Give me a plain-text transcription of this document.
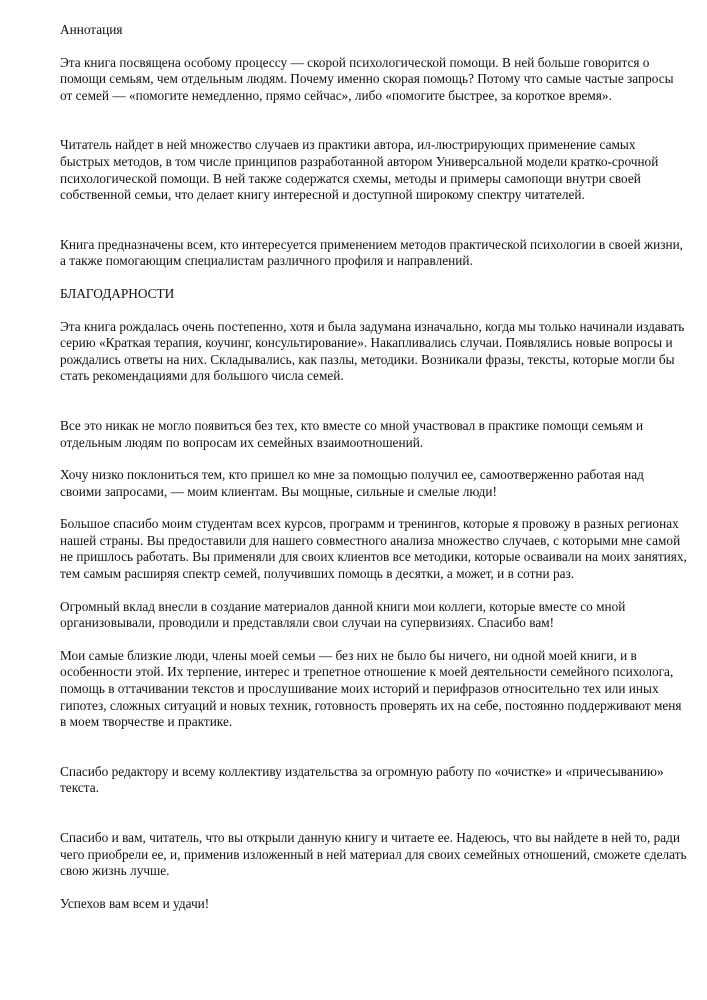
Аннотация

Эта книга посвящена особому процессу — скорой психологической помощи. В ней больше говорится о помощи семьям, чем отдельным людям. Почему именно скорая помощь? Потому что самые частые запросы от семей — «помогите немедленно, прямо сейчас», либо «помогите быстрее, за короткое время».

Читатель найдет в ней множество случаев из практики автора, ил-люстрирующих применение самых быстрых методов, в том числе принципов разработанной автором Универсальной модели кратко-срочной психологической помощи. В ней также содержатся схемы, методы и примеры самопощи внутри своей собственной семьи, что делает книгу интересной и доступной широкому спектру читателей.

Книга предназначены всем, кто интересуется применением методов практической психологии в своей жизни, а также помогающим специалистам различного профиля и направлений.

БЛАГОДАРНОСТИ

Эта книга рождалась очень постепенно, хотя и была задумана изначально, когда мы только начинали издавать серию «Краткая терапия, коучинг, консультирование». Накапливались случаи. Появлялись новые вопросы и рождались ответы на них. Складывались, как пазлы, методики. Возникали фразы, тексты, которые могли бы стать рекомендациями для большого числа семей.

Все это никак не могло появиться без тех, кто вместе со мной участвовал в практике помощи семьям и отдельным людям по вопросам их семейных взаимоотношений.

Хочу низко поклониться тем, кто пришел ко мне за помощью получил ее, самоотверженно работая над своими запросами, — моим клиентам. Вы мощные, сильные и смелые люди!

Большое спасибо моим студентам всех курсов, программ и тренингов, которые я провожу в разных регионах нашей страны. Вы предоставили для нашего совместного анализа множество случаев, с которыми мне самой не пришлось работать. Вы применяли для своих клиентов все методики, которые осваивали на моих занятиях, тем самым расширяя спектр семей, получивших помощь в десятки, а может, и в сотни раз.

Огромный вклад внесли в создание материалов данной книги мои коллеги, которые вместе со мной организовывали, проводили и представляли свои случаи на супервизиях. Спасибо вам!

Мои самые близкие люди, члены моей семьи — без них не было бы ничего, ни одной моей книги, и в особенности этой. Их терпение, интерес и трепетное отношение к моей деятельности семейного психолога, помощь в оттачивании текстов и прослушивание моих историй и перифразов относительно тех или иных гипотез, сложных ситуаций и новых техник, готовность проверять их на себе, постоянно поддерживают меня в моем творчестве и практике.

Спасибо редактору и всему коллективу издательства за огромную работу по «очистке» и «причесыванию» текста.

Спасибо и вам, читатель, что вы открыли данную книгу и читаете ее. Надеюсь, что вы найдете в ней то, ради чего приобрели ее, и, применив изложенный в ней материал для своих семейных отношений, сможете сделать свою жизнь лучше.

Успехов вам всем и удачи!
